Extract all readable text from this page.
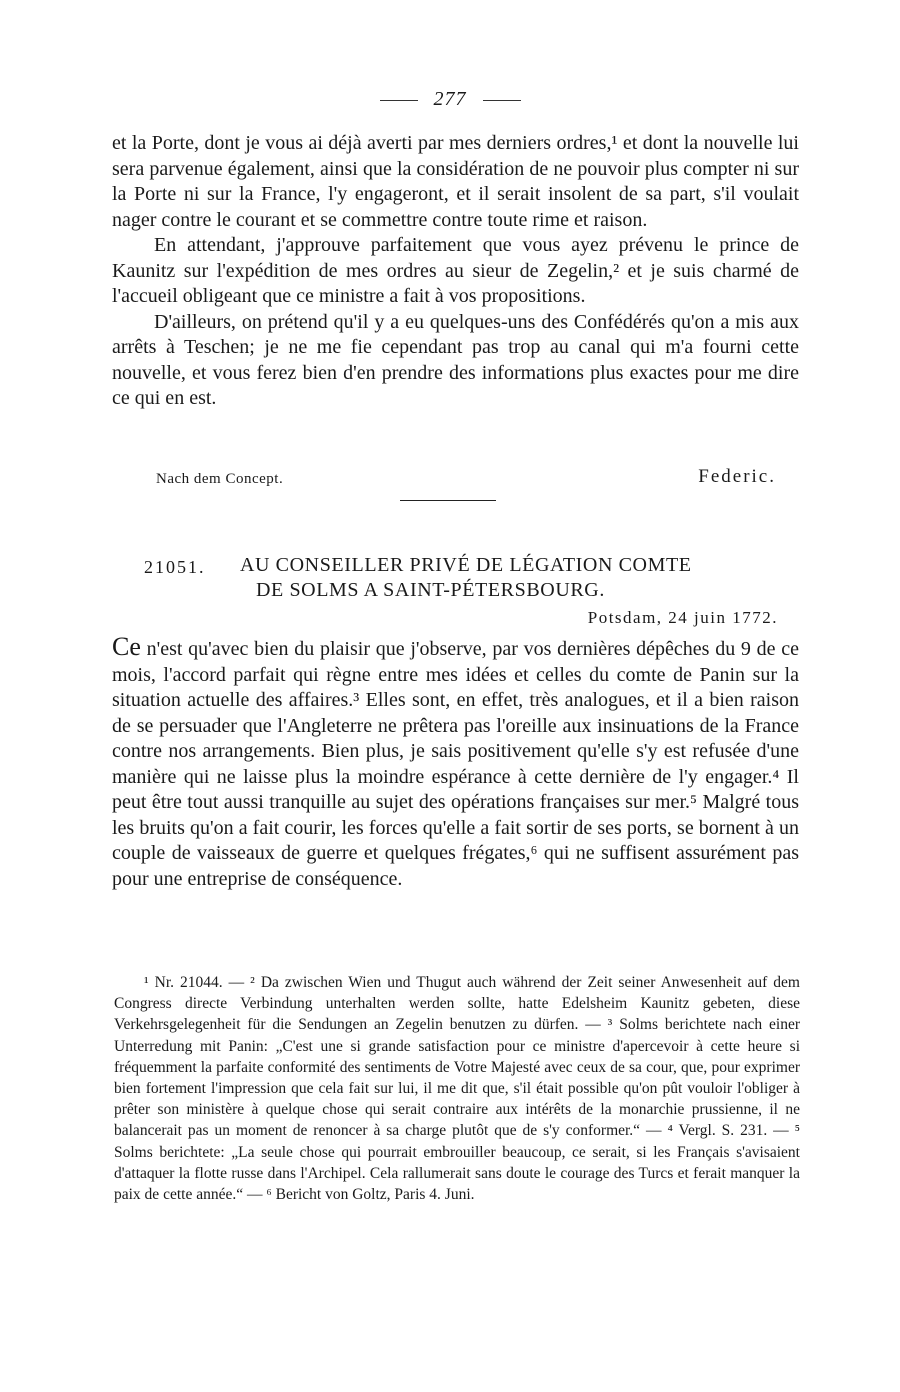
277

et la Porte, dont je vous ai déjà averti par mes derniers ordres,¹ et dont la nouvelle lui sera parvenue également, ainsi que la considération de ne pouvoir plus compter ni sur la Porte ni sur la France, l'y engageront, et il serait insolent de sa part, s'il voulait nager contre le courant et se commettre contre toute rime et raison.

En attendant, j'approuve parfaitement que vous ayez prévenu le prince de Kaunitz sur l'expédition de mes ordres au sieur de Zegelin,² et je suis charmé de l'accueil obligeant que ce ministre a fait à vos propositions.

D'ailleurs, on prétend qu'il y a eu quelques-uns des Confédérés qu'on a mis aux arrêts à Teschen; je ne me fie cependant pas trop au canal qui m'a fourni cette nouvelle, et vous ferez bien d'en prendre des informations plus exactes pour me dire ce qui en est.

Nach dem Concept.	Federic.
21051. AU CONSEILLER PRIVÉ DE LÉGATION COMTE
DE SOLMS A SAINT-PÉTERSBOURG.
Potsdam, 24 juin 1772.

Ce n'est qu'avec bien du plaisir que j'observe, par vos dernières dépêches du 9 de ce mois, l'accord parfait qui règne entre mes idées et celles du comte de Panin sur la situation actuelle des affaires.³ Elles sont, en effet, très analogues, et il a bien raison de se persuader que l'Angleterre ne prêtera pas l'oreille aux insinuations de la France contre nos arrangements. Bien plus, je sais positivement qu'elle s'y est refusée d'une manière qui ne laisse plus la moindre espérance à cette dernière de l'y engager.⁴ Il peut être tout aussi tranquille au sujet des opérations françaises sur mer.⁵ Malgré tous les bruits qu'on a fait courir, les forces qu'elle a fait sortir de ses ports, se bornent à un couple de vaisseaux de guerre et quelques frégates,⁶ qui ne suffisent assurément pas pour une entreprise de conséquence.

¹ Nr. 21044. — ² Da zwischen Wien und Thugut auch während der Zeit seiner Anwesenheit auf dem Congress directe Verbindung unterhalten werden sollte, hatte Edelsheim Kaunitz gebeten, diese Verkehrsgelegenheit für die Sendungen an Zegelin benutzen zu dürfen. — ³ Solms berichtete nach einer Unterredung mit Panin: „C'est une si grande satisfaction pour ce ministre d'apercevoir à cette heure si fréquemment la parfaite conformité des sentiments de Votre Majesté avec ceux de sa cour, que, pour exprimer bien fortement l'impression que cela fait sur lui, il me dit que, s'il était possible qu'on pût vouloir l'obliger à prêter son ministère à quelque chose qui serait contraire aux intérêts de la monarchie prussienne, il ne balancerait pas un moment de renoncer à sa charge plutôt que de s'y conformer.“ — ⁴ Vergl. S. 231. — ⁵ Solms berichtete: „La seule chose qui pourrait embrouiller beaucoup, ce serait, si les Français s'avisaient d'attaquer la flotte russe dans l'Archipel. Cela rallumerait sans doute le courage des Turcs et ferait manquer la paix de cette année.“ — ⁶ Bericht von Goltz, Paris 4. Juni.
